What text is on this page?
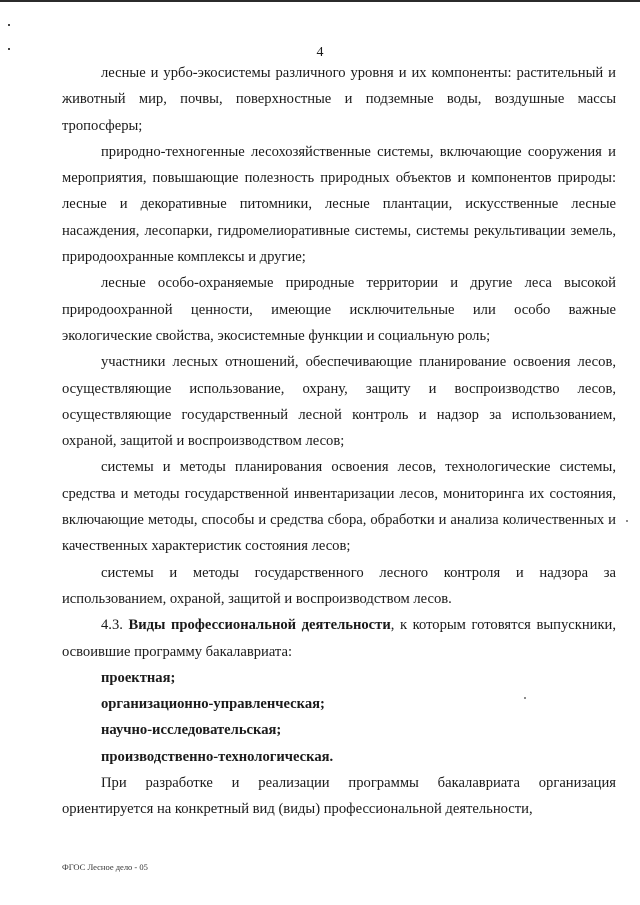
4

лесные и урбо-экосистемы различного уровня и их компоненты: растительный и животный мир, почвы, поверхностные и подземные воды, воздушные массы тропосферы;

природно-техногенные лесохозяйственные системы, включающие сооружения и мероприятия, повышающие полезность природных объектов и компонентов природы: лесные и декоративные питомники, лесные плантации, искусственные лесные насаждения, лесопарки, гидромелиоративные системы, системы рекультивации земель, природоохранные комплексы и другие;

лесные особо-охраняемые природные территории и другие леса высокой природоохранной ценности, имеющие исключительные или особо важные экологические свойства, экосистемные функции и социальную роль;

участники лесных отношений, обеспечивающие планирование освоения лесов, осуществляющие использование, охрану, защиту и воспроизводство лесов, осуществляющие государственный лесной контроль и надзор за использованием, охраной, защитой и воспроизводством лесов;

системы и методы планирования освоения лесов, технологические системы, средства и методы государственной инвентаризации лесов, мониторинга их состояния, включающие методы, способы и средства сбора, обработки и анализа количественных и качественных характеристик состояния лесов;

системы и методы государственного лесного контроля и надзора за использованием, охраной, защитой и воспроизводством лесов.

4.3. Виды профессиональной деятельности, к которым готовятся выпускники, освоившие программу бакалавриата:

проектная;

организационно-управленческая;

научно-исследовательская;

производственно-технологическая.

При разработке и реализации программы бакалавриата организация ориентируется на конкретный вид (виды) профессиональной деятельности,

ФГОС Лесное дело - 05
